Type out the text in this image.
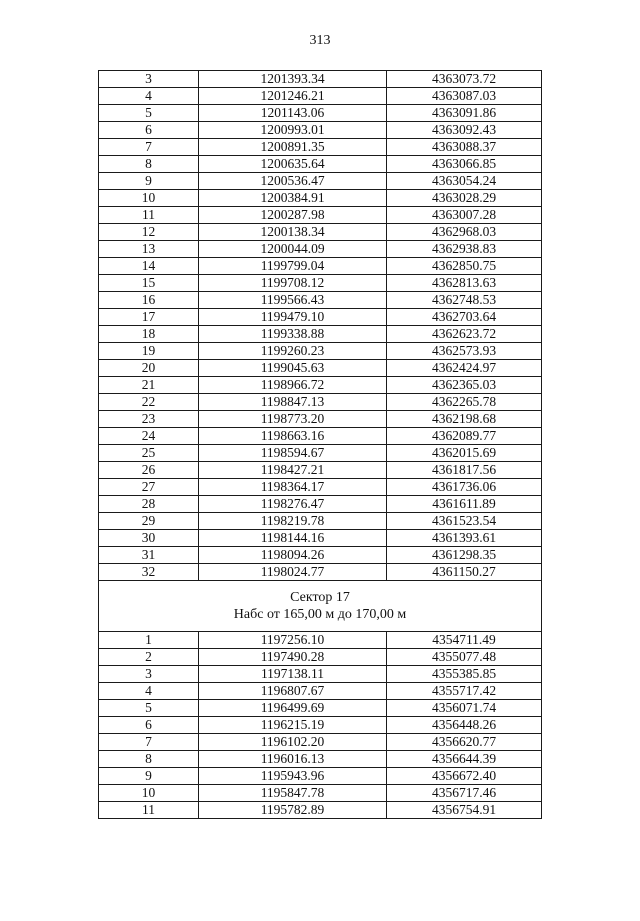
313
3	1201393.34	4363073.72
4	1201246.21	4363087.03
5	1201143.06	4363091.86
6	1200993.01	4363092.43
7	1200891.35	4363088.37
8	1200635.64	4363066.85
9	1200536.47	4363054.24
10	1200384.91	4363028.29
11	1200287.98	4363007.28
12	1200138.34	4362968.03
13	1200044.09	4362938.83
14	1199799.04	4362850.75
15	1199708.12	4362813.63
16	1199566.43	4362748.53
17	1199479.10	4362703.64
18	1199338.88	4362623.72
19	1199260.23	4362573.93
20	1199045.63	4362424.97
21	1198966.72	4362365.03
22	1198847.13	4362265.78
23	1198773.20	4362198.68
24	1198663.16	4362089.77
25	1198594.67	4362015.69
26	1198427.21	4361817.56
27	1198364.17	4361736.06
28	1198276.47	4361611.89
29	1198219.78	4361523.54
30	1198144.16	4361393.61
31	1198094.26	4361298.35
32	1198024.77	4361150.27

Сектор 17
Набс от 165,00 м до 170,00 м		

1	1197256.10	4354711.49
2	1197490.28	4355077.48
3	1197138.11	4355385.85
4	1196807.67	4355717.42
5	1196499.69	4356071.74
6	1196215.19	4356448.26
7	1196102.20	4356620.77
8	1196016.13	4356644.39
9	1195943.96	4356672.40
10	1195847.78	4356717.46
11	1195782.89	4356754.91
